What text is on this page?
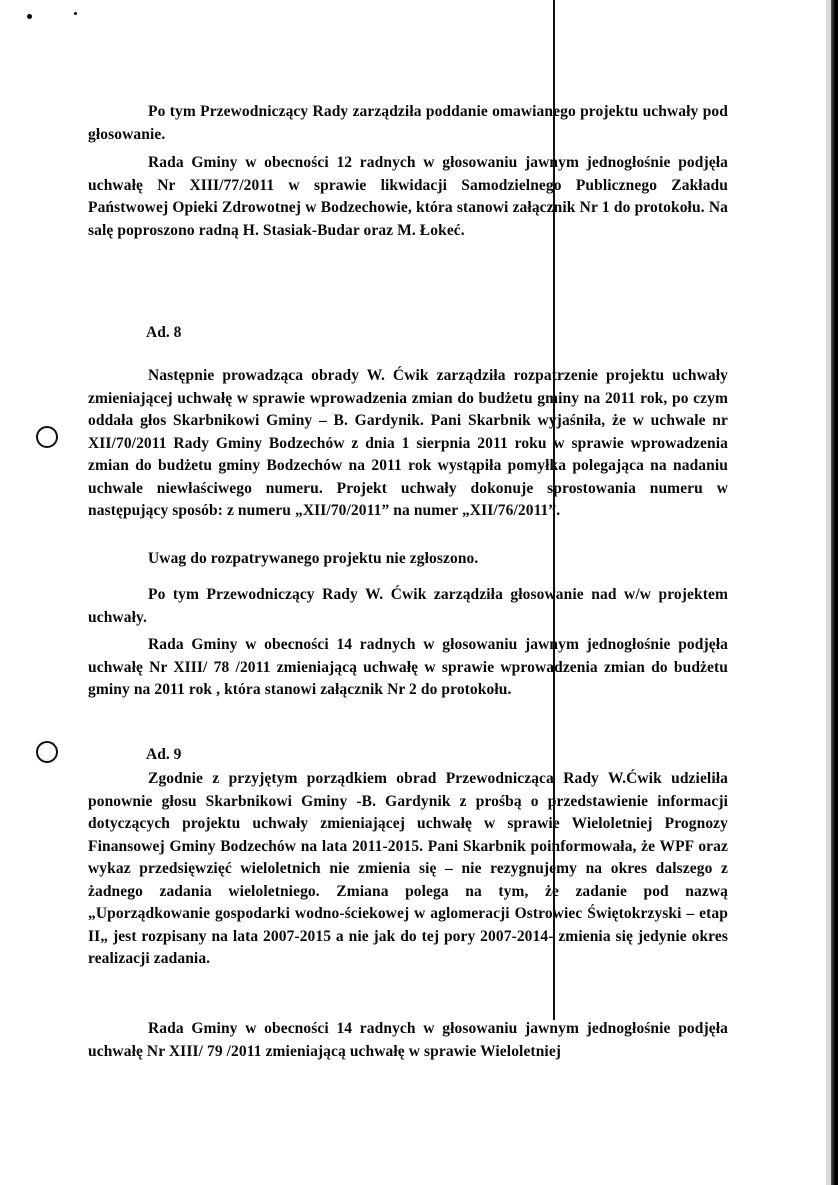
Po tym Przewodniczący Rady zarządziła poddanie omawianego projektu uchwały pod głosowanie.

Rada Gminy w obecności 12 radnych w głosowaniu jawnym jednogłośnie podjęła uchwałę Nr XIII/77/2011 w sprawie likwidacji Samodzielnego Publicznego Zakładu Państwowej Opieki Zdrowotnej w Bodzechowie, która stanowi załącznik Nr 1 do protokołu. Na salę poproszono radną H. Stasiak-Budar oraz M. Łokeć.

Ad. 8

Następnie prowadząca obrady W. Ćwik zarządziła rozpatrzenie projektu uchwały zmieniającej uchwałę w sprawie wprowadzenia zmian do budżetu gminy na 2011 rok, po czym oddała głos Skarbnikowi Gminy – B. Gardynik. Pani Skarbnik wyjaśniła, że w uchwale nr XII/70/2011 Rady Gminy Bodzechów z dnia 1 sierpnia 2011 roku w sprawie wprowadzenia zmian do budżetu gminy Bodzechów na 2011 rok wystąpiła pomyłka polegająca na nadaniu uchwale niewłaściwego numeru. Projekt uchwały dokonuje sprostowania numeru w następujący sposób: z numeru „XII/70/2011” na numer „XII/76/2011”.

Uwag do rozpatrywanego projektu nie zgłoszono.

Po tym Przewodniczący Rady W. Ćwik zarządziła głosowanie nad w/w projektem uchwały.

Rada Gminy w obecności 14 radnych w głosowaniu jawnym jednogłośnie podjęła uchwałę Nr XIII/ 78 /2011 zmieniającą uchwałę w sprawie wprowadzenia zmian do budżetu gminy na 2011 rok , która stanowi załącznik Nr 2 do protokołu.

Ad. 9

Zgodnie z przyjętym porządkiem obrad Przewodnicząca Rady W.Ćwik udzieliła ponownie głosu Skarbnikowi Gminy -B. Gardynik z prośbą o przedstawienie informacji dotyczących projektu uchwały zmieniającej uchwałę w sprawie Wieloletniej Prognozy Finansowej Gminy Bodzechów na lata 2011-2015. Pani Skarbnik poinformowała, że WPF oraz wykaz przedsięwzięć wieloletnich nie zmienia się – nie rezygnujemy na okres dalszego z żadnego zadania wieloletniego. Zmiana polega na tym, że zadanie pod nazwą „Uporządkowanie gospodarki wodno-ściekowej w aglomeracji Ostrowiec Świętokrzyski – etap II„ jest rozpisany na lata 2007-2015 a nie jak do tej pory 2007-2014- zmienia się jedynie okres realizacji zadania.

Rada Gminy w obecności 14 radnych w głosowaniu jawnym jednogłośnie podjęła uchwałę Nr XIII/ 79 /2011 zmieniającą uchwałę w sprawie Wieloletniej
